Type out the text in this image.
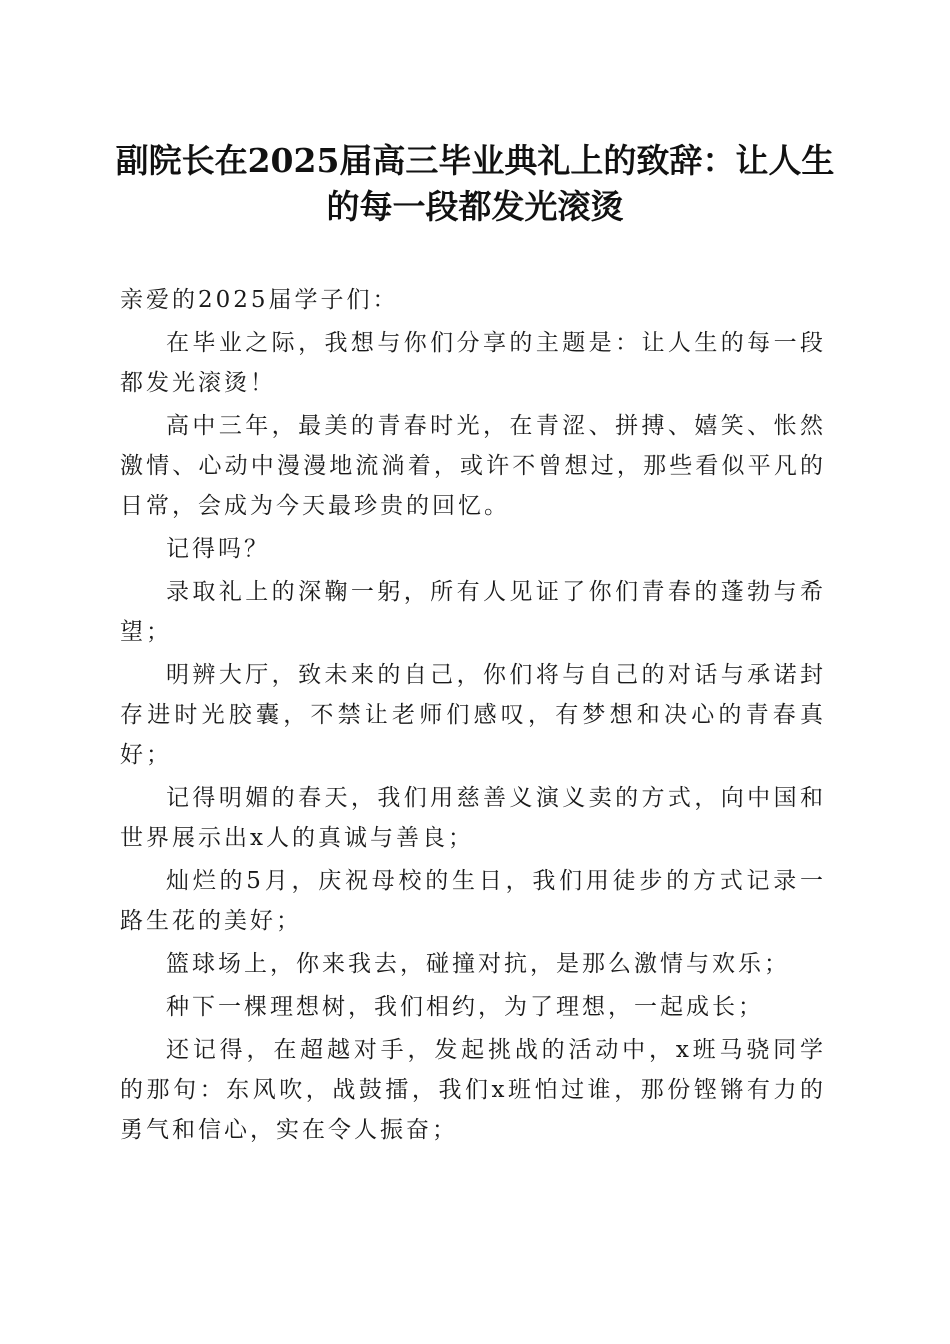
副院长在2025届高三毕业典礼上的致辞：让人生的每一段都发光滚烫

亲爱的2025届学子们：

在毕业之际，我想与你们分享的主题是：让人生的每一段都发光滚烫！

高中三年，最美的青春时光，在青涩、拼搏、嬉笑、怅然激情、心动中漫漫地流淌着，或许不曾想过，那些看似平凡的日常，会成为今天最珍贵的回忆。

记得吗？

录取礼上的深鞠一躬，所有人见证了你们青春的蓬勃与希望；

明辨大厅，致未来的自己，你们将与自己的对话与承诺封存进时光胶囊，不禁让老师们感叹，有梦想和决心的青春真好；

记得明媚的春天，我们用慈善义演义卖的方式，向中国和世界展示出x人的真诚与善良；

灿烂的5月，庆祝母校的生日，我们用徒步的方式记录一路生花的美好；

篮球场上，你来我去，碰撞对抗，是那么激情与欢乐；

种下一棵理想树，我们相约，为了理想，一起成长；

还记得，在超越对手，发起挑战的活动中，x班马骁同学的那句：东风吹，战鼓擂，我们x班怕过谁，那份铿锵有力的勇气和信心，实在令人振奋；
